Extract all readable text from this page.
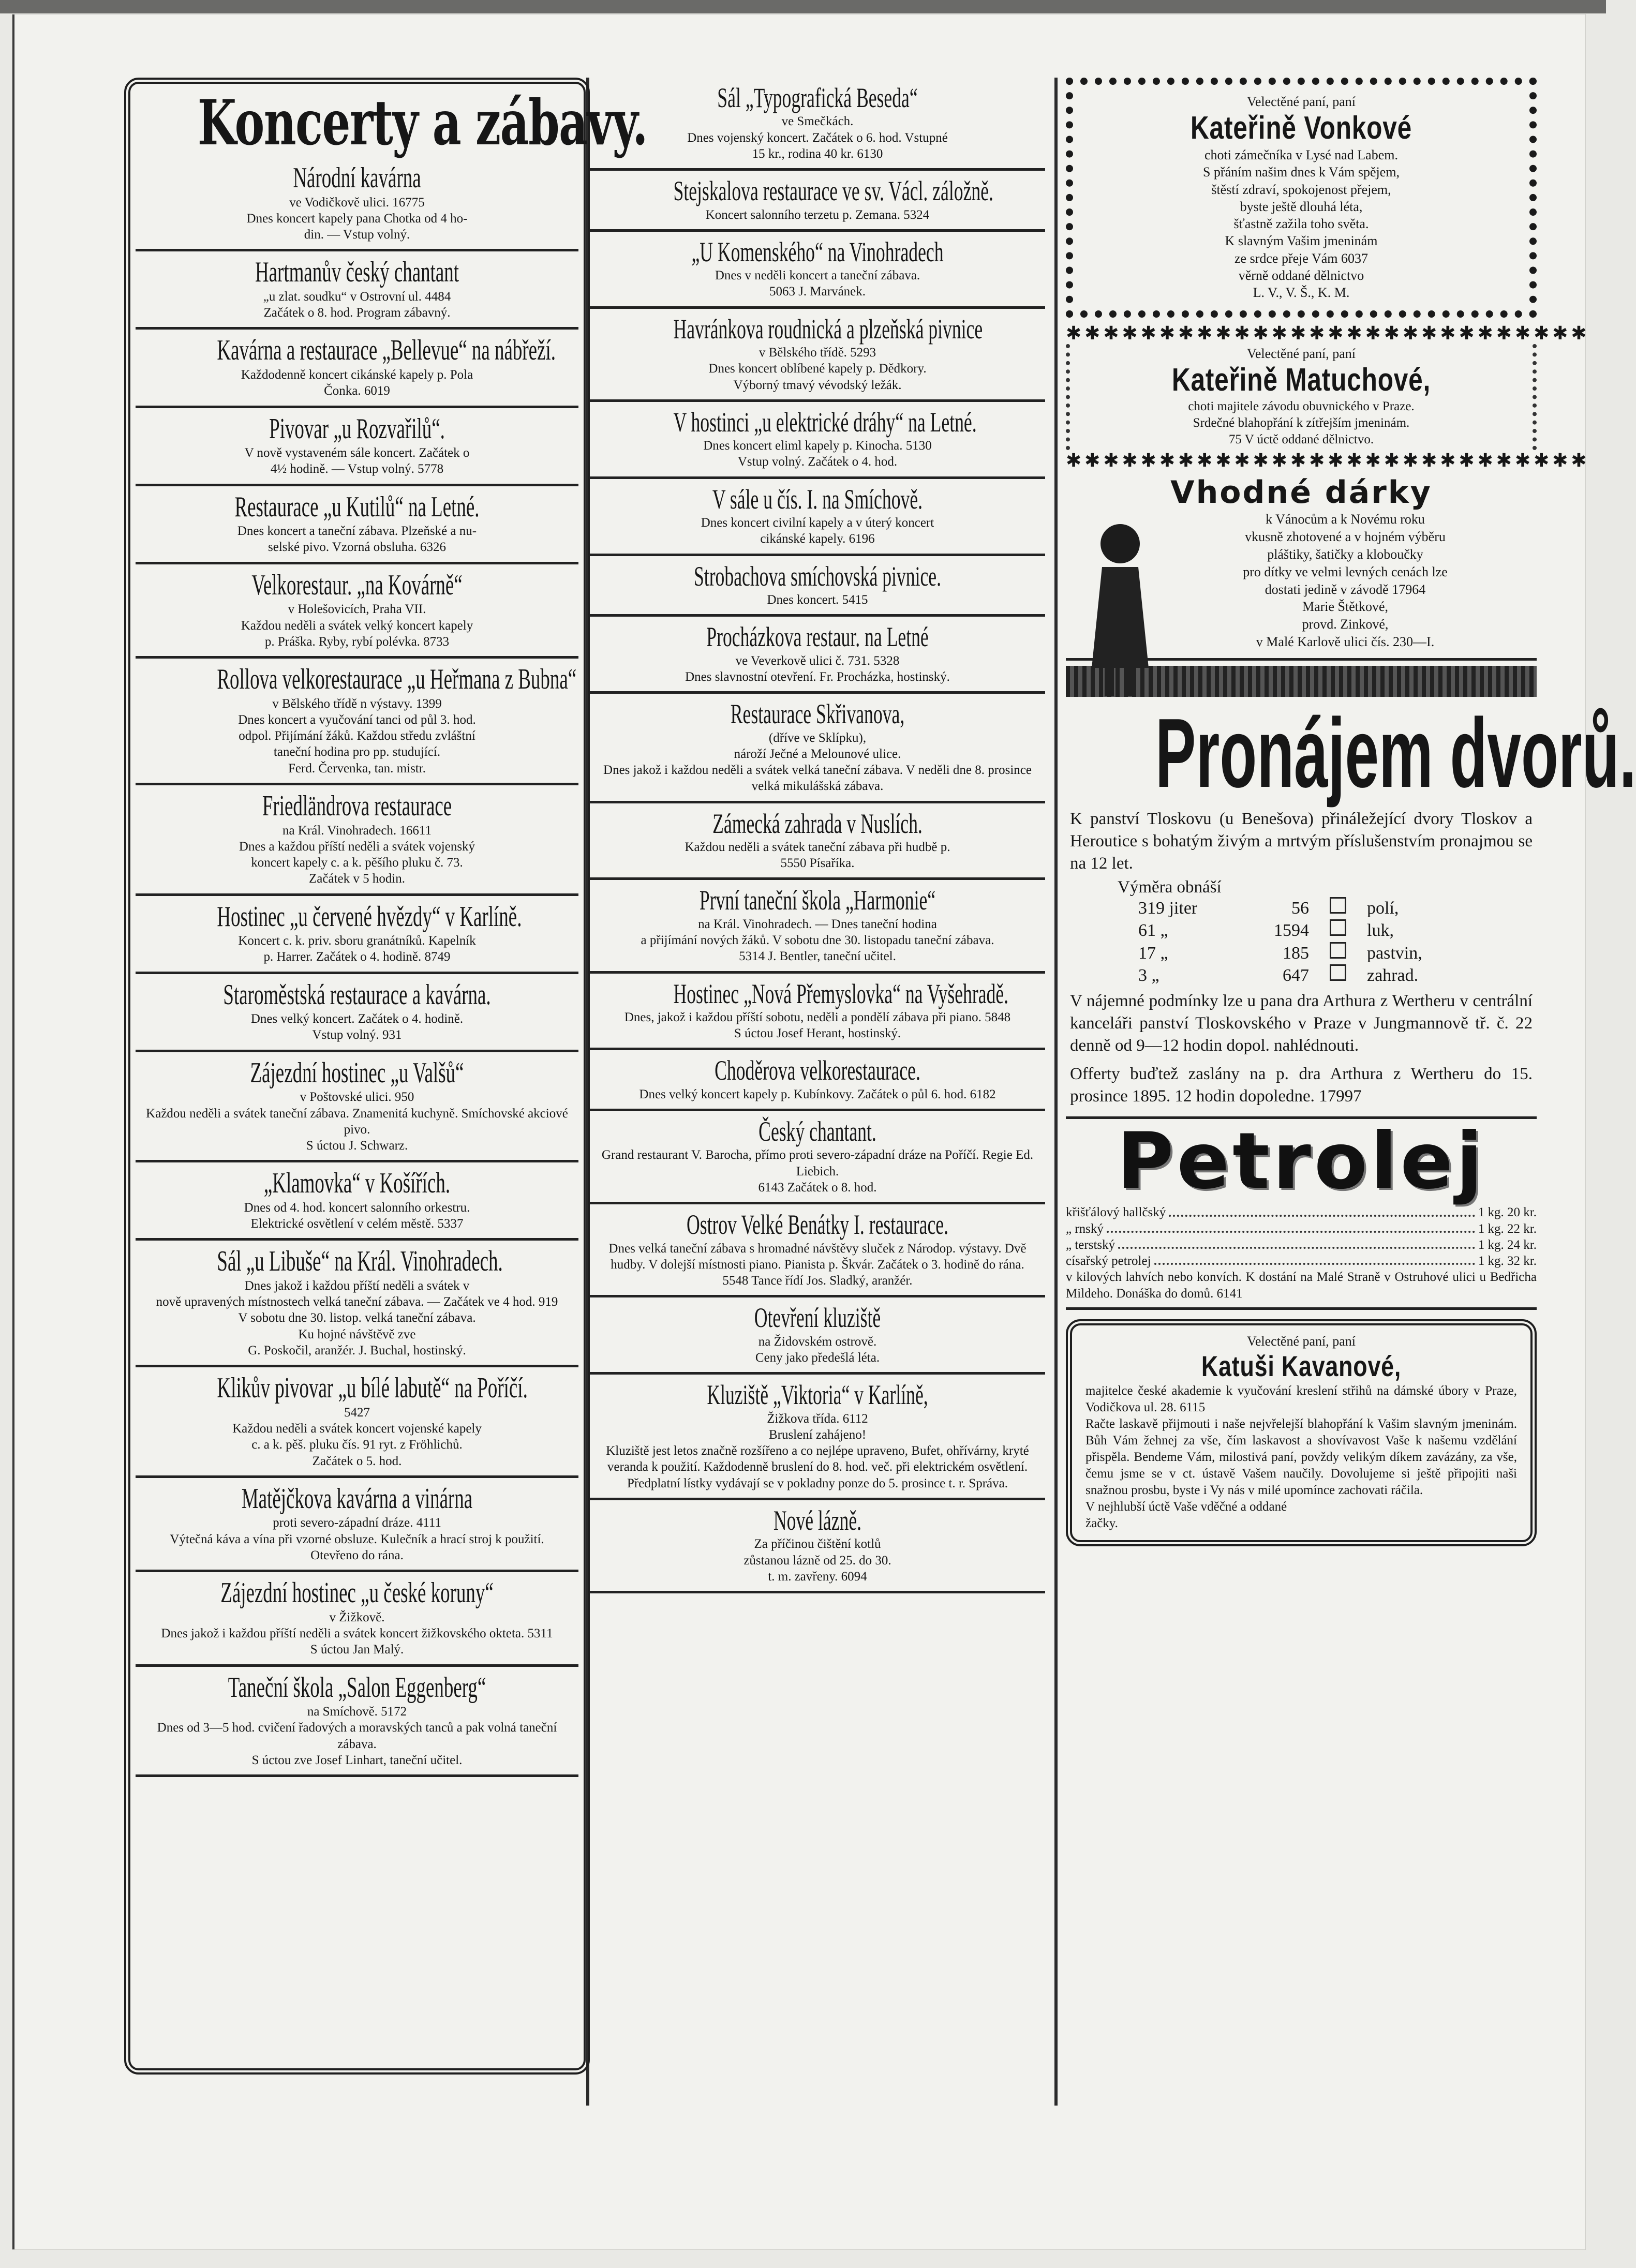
Koncerty a zábavy.
Národní kavárna
ve Vodičkově ulici. 16775
Dnes koncert kapely pana Chotka od 4 ho-
din. — Vstup volný.
Hartmanův český chantant
„u zlat. soudku“ v Ostrovní ul. 4484
Začátek o 8. hod. Program zábavný.
Kavárna a restaurace „Bellevue“ na nábřeží.
Každodenně koncert cikánské kapely p. Pola
Čonka. 6019
Pivovar „u Rozvařilů“.
V nově vystaveném sále koncert. Začátek o
4½ hodině. — Vstup volný. 5778
Restaurace „u Kutilů“ na Letné.
Dnes koncert a taneční zábava. Plzeňské a nu-
selské pivo. Vzorná obsluha. 6326
Velkorestaur. „na Kovárně“
v Holešovicích, Praha VII.
Každou neděli a svátek velký koncert kapely
p. Práška. Ryby, rybí polévka. 8733
Rollova velkorestaurace „u Heřmana z Bubna“
v Bělského třídě n výstavy. 1399
Dnes koncert a vyučování tanci od půl 3. hod.
odpol. Přijímání žáků. Každou středu zvláštní
taneční hodina pro pp. studující.
Ferd. Červenka, tan. mistr.
Friedländrova restaurace
na Král. Vinohradech. 16611
Dnes a každou příští neděli a svátek vojenský
koncert kapely c. a k. pěšího pluku č. 73.
Začátek v 5 hodin.
Hostinec „u červené hvězdy“ v Karlíně.
Koncert c. k. priv. sboru granátníků. Kapelník
p. Harrer. Začátek o 4. hodině. 8749
Staroměstská restaurace a kavárna.
Dnes velký koncert. Začátek o 4. hodině.
Vstup volný. 931
Zájezdní hostinec „u Valšů“
v Poštovské ulici. 950
Každou neděli a svátek taneční zábava. Znamenitá kuchyně. Smíchovské akciové pivo.
S úctou J. Schwarz.
„Klamovka“ v Košířích.
Dnes od 4. hod. koncert salonního orkestru.
Elektrické osvětlení v celém městě. 5337
Sál „u Libuše“ na Král. Vinohradech.
Dnes jakož i každou příští neděli a svátek v
nově upravených místnostech velká taneční zábava. — Začátek ve 4 hod. 919
V sobotu dne 30. listop. velká taneční zábava.
Ku hojné návštěvě zve
G. Poskočil, aranžér. J. Buchal, hostinský.
Klikův pivovar „u bílé labutě“ na Poříčí.
5427
Každou neděli a svátek koncert vojenské kapely
c. a k. pěš. pluku čís. 91 ryt. z Fröhlichů.
Začátek o 5. hod.
Matějčkova kavárna a vinárna
proti severo-západní dráze. 4111
Výtečná káva a vína při vzorné obsluze. Kulečník a hrací stroj k použití. Otevřeno do rána.
Zájezdní hostinec „u české koruny“
v Žižkově.
Dnes jakož i každou příští neděli a svátek koncert žižkovského okteta. 5311
S úctou Jan Malý.
Taneční škola „Salon Eggenberg“
na Smíchově. 5172
Dnes od 3—5 hod. cvičení řadových a moravských tanců a pak volná taneční zábava.
S úctou zve Josef Linhart, taneční učitel.
Sál „Typografická Beseda“
ve Smečkách.
Dnes vojenský koncert. Začátek o 6. hod. Vstupné
15 kr., rodina 40 kr. 6130
Stejskalova restaurace ve sv. Václ. záložně.
Koncert salonního terzetu p. Zemana. 5324
„U Komenského“ na Vinohradech
Dnes v neděli koncert a taneční zábava.
5063 J. Marvánek.
Havránkova roudnická a plzeňská pivnice
v Bělského třídě. 5293
Dnes koncert oblíbené kapely p. Dědkory.
Výborný tmavý vévodský ležák.
V hostinci „u elektrické dráhy“ na Letné.
Dnes koncert eliml kapely p. Kinocha. 5130
Vstup volný. Začátek o 4. hod.
V sále u čís. I. na Smíchově.
Dnes koncert civilní kapely a v úterý koncert
cikánské kapely. 6196
Strobachova smíchovská pivnice.
Dnes koncert. 5415
Procházkova restaur. na Letné
ve Veverkově ulici č. 731. 5328
Dnes slavnostní otevření. Fr. Procházka, hostinský.
Restaurace Skřivanova,
(dříve ve Sklípku),
nároží Ječné a Melounové ulice.
Dnes jakož i každou neděli a svátek velká taneční zábava. V neděli dne 8. prosince velká mikulášská zábava.
Zámecká zahrada v Nuslích.
Každou neděli a svátek taneční zábava při hudbě p.
5550 Písaříka.
První taneční škola „Harmonie“
na Král. Vinohradech. — Dnes taneční hodina
a přijímání nových žáků. V sobotu dne 30. listopadu taneční zábava.
5314 J. Bentler, taneční učitel.
Hostinec „Nová Přemyslovka“ na Vyšehradě.
Dnes, jakož i každou příští sobotu, neděli a pondělí zábava při piano. 5848
S úctou Josef Herant, hostinský.
Choděrova velkorestaurace.
Dnes velký koncert kapely p. Kubínkovy. Začátek o půl 6. hod. 6182
Český chantant.
Grand restaurant V. Barocha, přímo proti severo-západní dráze na Poříčí. Regie Ed. Liebich.
6143 Začátek o 8. hod.
Ostrov Velké Benátky I. restaurace.
Dnes velká taneční zábava s hromadné návštěvy sluček z Národop. výstavy. Dvě hudby. V dolejší místnosti piano. Pianista p. Škvár. Začátek o 3. hodině do rána. 5548 Tance řídí Jos. Sladký, aranžér.
Otevření kluziště
na Židovském ostrově.
Ceny jako předešlá léta.
Kluziště „Viktoria“ v Karlíně,
Žižkova třída. 6112
Bruslení zahájeno!
Kluziště jest letos značně rozšířeno a co nejlépe upraveno, Bufet, ohřívárny, kryté veranda k použití. Každodenně bruslení do 8. hod. več. při elektrickém osvětlení. Předplatní lístky vydávají se v pokladny ponze do 5. prosince t. r. Správa.
Nové lázně.
Za příčinou čištění kotlů
zůstanou lázně od 25. do 30.
t. m. zavřeny. 6094
Velectěné paní, paní
Kateřině Vonkové
choti zámečníka v Lysé nad Labem.
S přáním našim dnes k Vám spějem,
štěstí zdraví, spokojenost přejem,
byste ještě dlouhá léta,
šťastně zažila toho světa.
K slavným Vašim jmeninám
ze srdce přeje Vám 6037
věrně oddané dělnictvo
L. V., V. Š., K. M.
✱✱✱✱✱✱✱✱✱✱✱✱✱✱✱✱✱✱✱✱✱✱✱✱✱✱✱✱
Velectěné paní, paní
Kateřině Matuchové,
choti majitele závodu obuvnického v Praze.
Srdečné blahopřání k zítřejším jmeninám.
75 V úctě oddané dělnictvo.
✱✱✱✱✱✱✱✱✱✱✱✱✱✱✱✱✱✱✱✱✱✱✱✱✱✱✱✱
Vhodné dárky
k Vánocům a k Novému roku
vkusně zhotovené a v hojném výběru
pláštiky, šatičky a kloboučky
pro dítky ve velmi levných cenách lze
dostati jedině v závodě 17964
Marie Štětkové,
provd. Zinkové,
v Malé Karlově ulici čís. 230—I.
Pronájem dvorů.
K panství Tloskovu (u Benešova) přináležející dvory Tloskov a Heroutice s bohatým živým a mrtvým příslušenstvím pronajmou se na 12 let.
Výměra obnáší
319 jiter	56	polí,
61 „	1594	luk,
17 „	185	pastvin,
3 „	647	zahrad.
V nájemné podmínky lze u pana dra Arthura z Wertheru v centrální kanceláři panství Tloskovského v Praze v Jungmannově tř. č. 22 denně od 9—12 hodin dopol. nahlédnouti.
Offerty buďtež zaslány na p. dra Arthura z Wertheru do 15. prosince 1895. 12 hodin dopoledne. 17997
Petrolej
křišťálový hallčský	1 kg. 20 kr.
„ rnský	1 kg. 22 kr.
„ terstský	1 kg. 24 kr.
císařský petrolej	1 kg. 32 kr.
v kilových lahvích nebo konvích. K dostání na Malé Straně v Ostruhové ulici u Bedřicha Mildeho. Donáška do domů. 6141
Velectěné paní, paní
Katuši Kavanové,
majitelce české akademie k vyučování kreslení střihů na dámské úbory v Praze, Vodičkova ul. 28. 6115
Račte laskavě přijmouti i naše nejvřelejší blahopřání k Vašim slavným jmeninám. Bůh Vám žehnej za vše, čím laskavost a shovívavost Vaše k našemu vzdělání přispěla. Bendeme Vám, milostivá paní, povždy velikým díkem zavázány, za vše, čemu jsme se v ct. ústavě Vašem naučily. Dovolujeme si ještě připojiti naši snažnou prosbu, byste i Vy nás v milé upomínce zachovati ráčila.
V nejhlubší úctě Vaše vděčné a oddané
žačky.
